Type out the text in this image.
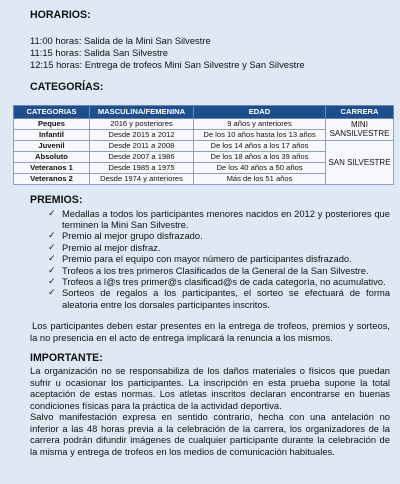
HORARIOS:
11:00 horas: Salida de la Mini San Silvestre
11:15 horas: Salida San Silvestre
12:15 horas: Entrega de trofeos Mini San Silvestre y San Silvestre
CATEGORÍAS:
CATEGORIAS	MASCULINA/FEMENINA	EDAD	CARRERA
Peques	2016 y posteriores	9 años y anteriores	MINI SANSILVESTRE
Infantil	Desde 2015 a 2012	De los 10 años hasta los 13 años	
Juvenil	Desde 2011 a 2008	De los 14 años a los 17 años	SAN SILVESTRE
Absoluto	Desde 2007 a 1986	De los 18 años a los 39 años	
Veteranos 1	Desde 1985 a 1975	De los 40 años a 50 años	
Veteranos 2	Desde 1974 y anteriores	Más de los 51 años	
PREMIOS:
✓ Medallas a todos los participantes menores nacidos en 2012 y posteriores que terminen la Mini San Silvestre.
✓ Premio al mejor grupo disfrazado.
✓ Premio al mejor disfraz.
✓ Premio para el equipo con mayor número de participantes disfrazado.
✓ Trofeos a los tres primeros Clasificados de la General de la San Silvestre.
✓ Trofeos a l@s tres primer@s clasificad@s de cada categoría, no acumulativo.
✓ Sorteos de regalos a los participantes, el sorteo se efectuará de forma aleatoria entre los dorsales participantes inscritos.

Los participantes deben estar presentes en la entrega de trofeos, premios y sorteos, la no presencia en el acto de entrega implicará la renuncia a los mismos.

IMPORTANTE:

La organización no se responsabiliza de los daños materiales o físicos que puedan sufrir u ocasionar los participantes. La inscripción en esta prueba supone la total aceptación de estas normas. Los atletas inscritos declaran encontrarse en buenas condiciones físicas para la práctica de la actividad deportiva.

Salvo manifestación expresa en sentido contrario, hecha con una antelación no inferior a las 48 horas previa a la celebración de la carrera, los organizadores de la carrera podrán difundir imágenes de cualquier participante durante la celebración de la misma y entrega de trofeos en los medios de comunicación habituales.
